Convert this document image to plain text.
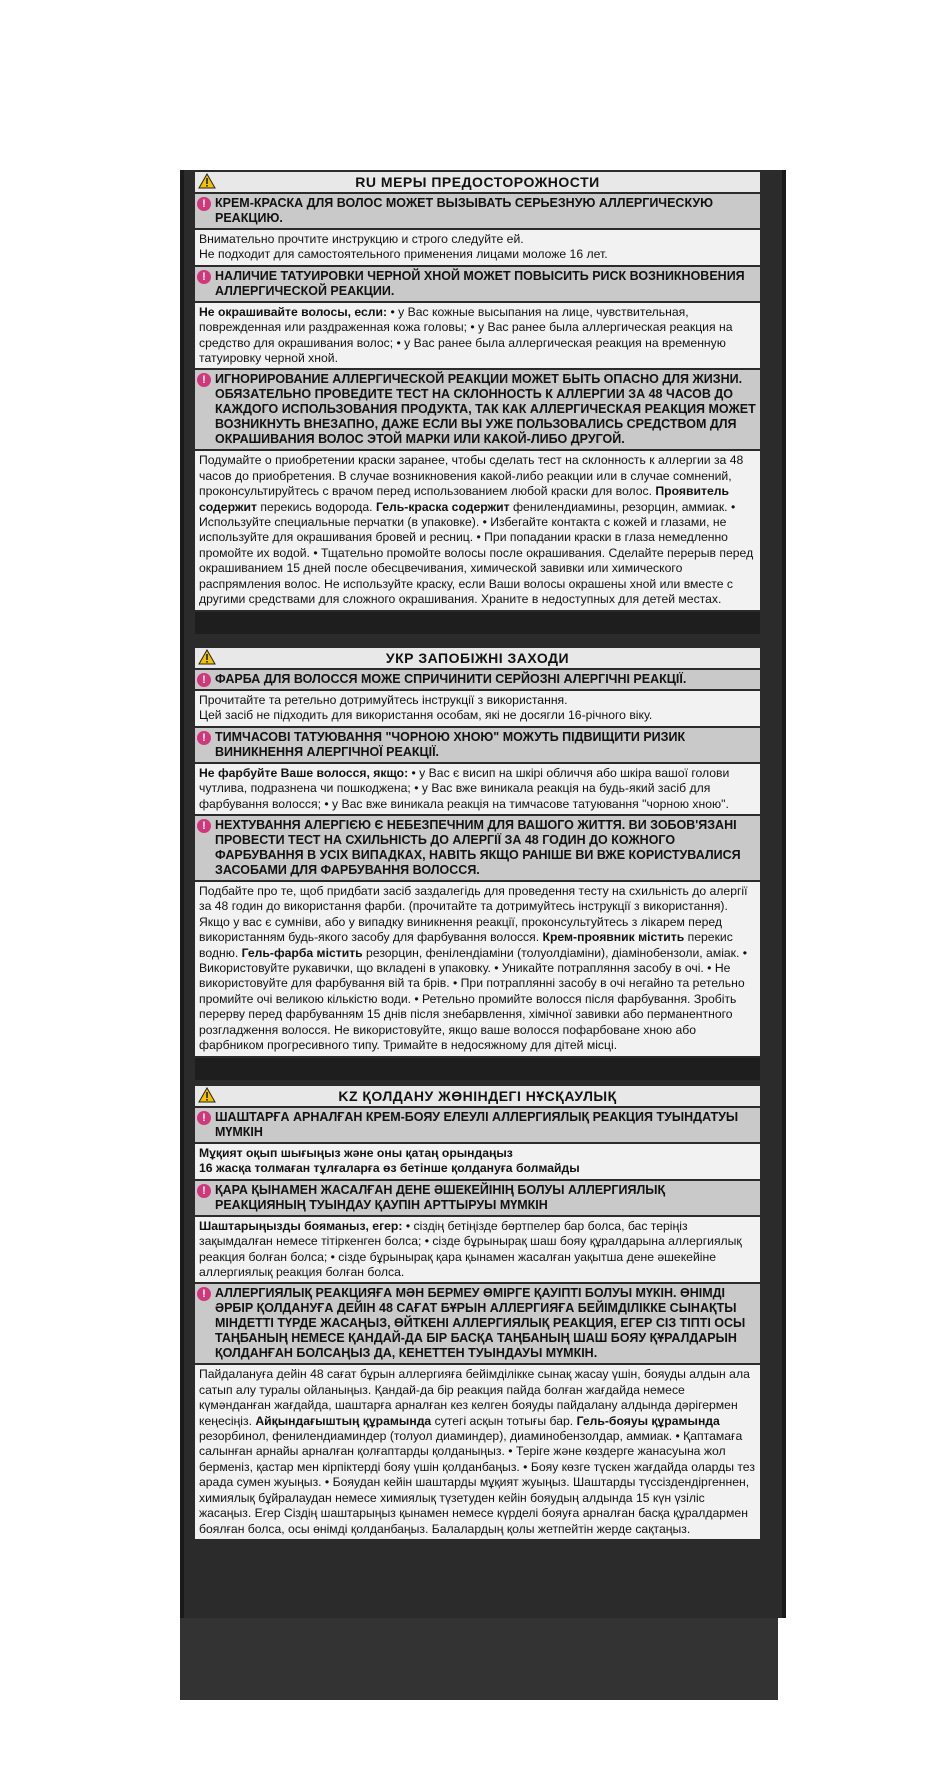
RU МЕРЫ ПРЕДОСТОРОЖНОСТИ
! КРЕМ-КРАСКА ДЛЯ ВОЛОС МОЖЕТ ВЫЗЫВАТЬ СЕРЬЕЗНУЮ АЛЛЕРГИЧЕСКУЮ РЕАКЦИЮ.
Внимательно прочтите инструкцию и строго следуйте ей.
Не подходит для самостоятельного применения лицами моложе 16 лет.
! НАЛИЧИЕ ТАТУИРОВКИ ЧЕРНОЙ ХНОЙ МОЖЕТ ПОВЫСИТЬ РИСК ВОЗНИКНОВЕНИЯ АЛЛЕРГИЧЕСКОЙ РЕАКЦИИ.
Не окрашивайте волосы, если: • у Вас кожные высыпания на лице, чувствительная, поврежденная или раздраженная кожа головы; • у Вас ранее была аллергическая реакция на средство для окрашивания волос; • у Вас ранее была аллергическая реакция на временную татуировку черной хной.
! ИГНОРИРОВАНИЕ АЛЛЕРГИЧЕСКОЙ РЕАКЦИИ МОЖЕТ БЫТЬ ОПАСНО ДЛЯ ЖИЗНИ. ОБЯЗАТЕЛЬНО ПРОВЕДИТЕ ТЕСТ НА СКЛОННОСТЬ К АЛЛЕРГИИ ЗА 48 ЧАСОВ ДО КАЖДОГО ИСПОЛЬЗОВАНИЯ ПРОДУКТА, ТАК КАК АЛЛЕРГИЧЕСКАЯ РЕАКЦИЯ МОЖЕТ ВОЗНИКНУТЬ ВНЕЗАПНО, ДАЖЕ ЕСЛИ ВЫ УЖЕ ПОЛЬЗОВАЛИСЬ СРЕДСТВОМ ДЛЯ ОКРАШИВАНИЯ ВОЛОС ЭТОЙ МАРКИ ИЛИ КАКОЙ-ЛИБО ДРУГОЙ.
Подумайте о приобретении краски заранее, чтобы сделать тест на склонность к аллергии за 48 часов до приобретения. В случае возникновения какой-либо реакции или в случае сомнений, проконсультируйтесь с врачом перед использованием любой краски для волос. Проявитель содержит перекись водорода. Гель-краска содержит фенилендиамины, резорцин, аммиак. • Используйте специальные перчатки (в упаковке). • Избегайте контакта с кожей и глазами, не используйте для окрашивания бровей и ресниц. • При попадании краски в глаза немедленно промойте их водой. • Тщательно промойте волосы после окрашивания. Сделайте перерыв перед окрашиванием 15 дней после обесцвечивания, химической завивки или химического распрямления волос. Не используйте краску, если Ваши волосы окрашены хной или вместе с другими средствами для сложного окрашивания. Храните в недоступных для детей местах.
УКР ЗАПОБІЖНІ ЗАХОДИ
! ФАРБА ДЛЯ ВОЛОССЯ МОЖЕ СПРИЧИНИТИ СЕРЙОЗНІ АЛЕРГІЧНІ РЕАКЦІЇ.
Прочитайте та ретельно дотримуйтесь інструкції з використання.
Цей засіб не підходить для використання особам, які не досягли 16-річного віку.
! ТИМЧАСОВІ ТАТУЮВАННЯ "ЧОРНОЮ ХНОЮ" МОЖУТЬ ПІДВИЩИТИ РИЗИК ВИНИКНЕННЯ АЛЕРГІЧНОЇ РЕАКЦІЇ.
Не фарбуйте Ваше волосся, якщо: • у Вас є висип на шкірі обличчя або шкіра вашої голови чутлива, подразнена чи пошкоджена; • у Вас вже виникала реакція на будь-який засіб для фарбування волосся; • у Вас вже виникала реакція на тимчасове татуювання "чорною хною".
! НЕХТУВАННЯ АЛЕРГІЄЮ Є НЕБЕЗПЕЧНИМ ДЛЯ ВАШОГО ЖИТТЯ. ВИ ЗОБОВ'ЯЗАНІ ПРОВЕСТИ ТЕСТ НА СХИЛЬНІСТЬ ДО АЛЕРГІЇ ЗА 48 ГОДИН ДО КОЖНОГО ФАРБУВАННЯ В УСІХ ВИПАДКАХ, НАВІТЬ ЯКЩО РАНІШЕ ВИ ВЖЕ КОРИСТУВАЛИСЯ ЗАСОБАМИ ДЛЯ ФАРБУВАННЯ ВОЛОССЯ.
Подбайте про те, щоб придбати засіб заздалегідь для проведення тесту на схильність до алергії за 48 годин до використання фарби. (прочитайте та дотримуйтесь інструкції з використання). Якщо у вас є сумніви, або у випадку виникнення реакції, проконсультуйтесь з лікарем перед використанням будь-якого засобу для фарбування волосся. Крем-проявник містить перекис водню. Гель-фарба містить резорцин, фенілендіаміни (толуолдіаміни), діамінобензоли, аміак. • Використовуйте рукавички, що вкладені в упаковку. • Уникайте потрапляння засобу в очі. • Не використовуйте для фарбування вій та брів. • При потраплянні засобу в очі негайно та ретельно промийте очі великою кількістю води. • Ретельно промийте волосся після фарбування. Зробіть перерву перед фарбуванням 15 днів після знебарвлення, хімічної завивки або перманентного розгладження волосся. Не використовуйте, якщо ваше волосся пофарбоване хною або фарбником прогресивного типу. Тримайте в недосяжному для дітей місці.
KZ ҚОЛДАНУ ЖӨНІНДЕГІ НҰСҚАУЛЫҚ
! ШАШТАРҒА АРНАЛҒАН КРЕМ-БОЯУ ЕЛЕУЛІ АЛЛЕРГИЯЛЫҚ РЕАКЦИЯ ТУЫНДАТУЫ МҮМКІН
Мұқият оқып шығыңыз және оны қатаң орындаңыз
16 жасқа толмаған тұлғаларға өз бетінше қолдануға болмайды
! ҚАРА ҚЫНАМЕН ЖАСАЛҒАН ДЕНЕ ӘШЕКЕЙІНІҢ БОЛУЫ АЛЛЕРГИЯЛЫҚ РЕАКЦИЯНЫҢ ТУЫНДАУ ҚАУПІН АРТТЫРУЫ МҮМКІН
Шаштарыңызды бояманыз, егер: • сіздің бетіңізде бөртпелер бар болса, бас теріңіз зақымдалған немесе тітіркенген болса; • сізде бұрынырақ шаш бояу құралдарына аллергиялық реакция болған болса; • сізде бұрынырақ қара қынамен жасалған уақытша дене әшекейіне аллергиялық реакция болған болса.
! АЛЛЕРГИЯЛЫҚ РЕАКЦИЯҒА МӘН БЕРМЕУ ӨМІРГЕ ҚАУІПТІ БОЛУЫ МҮКІН. ӨНІМДІ ӘРБІР ҚОЛДАНУҒА ДЕЙІН 48 САҒАТ БҰРЫН АЛЛЕРГИЯҒА БЕЙІМДІЛІККЕ СЫНАҚТЫ МІНДЕТТІ ТҮРДЕ ЖАСАҢЫЗ, ӨЙТКЕНІ АЛЛЕРГИЯЛЫҚ РЕАКЦИЯ, ЕГЕР СІЗ ТІПТІ ОСЫ ТАҢБАНЫҢ НЕМЕСЕ ҚАНДАЙ-ДА БІР БАСҚА ТАҢБАНЫҢ ШАШ БОЯУ ҚҰРАЛДАРЫН ҚОЛДАНҒАН БОЛСАҢЫЗ ДА, КЕНЕТТЕН ТУЫНДАУЫ МҮМКІН.
Пайдалануға дейін 48 сағат бұрын аллергияға бейімділікке сынақ жасау үшін, бояуды алдын ала сатып алу туралы ойланыңыз. Қандай-да бір реакция пайда болған жағдайда немесе күмәнданған жағдайда, шаштарға арналған кез келген бояуды пайдалану алдында дәрігермен кеңесіңіз. Айқындағыштың құрамында сутегі асқын тотығы бар. Гель-бояуы құрамында резорбинол, фенилендиаминдер (толуол диаминдер), диаминобензолдар, аммиак. • Қаптамаға салынған арнайы арналған қолғаптарды қолданыңыз. • Теріге және көздерге жанасуына жол берменіз, қастар мен кірпіктерді бояу үшін қолданбаңыз. • Бояу көзге түскен жағдайда оларды тез арада сумен жуыңыз. • Бояудан кейін шаштарды мұқият жуыңыз. Шаштарды түссіздендіргеннен, химиялық бұйралаудан немесе химиялық түзетуден кейін бояудың алдында 15 күн үзіліс жасаңыз. Егер Сіздің шаштарыңыз қынамен немесе күрделі бояуға арналған басқа құралдармен боялған болса, осы өнімді қолданбаңыз. Балалардың қолы жетпейтін жерде сақтаңыз.
